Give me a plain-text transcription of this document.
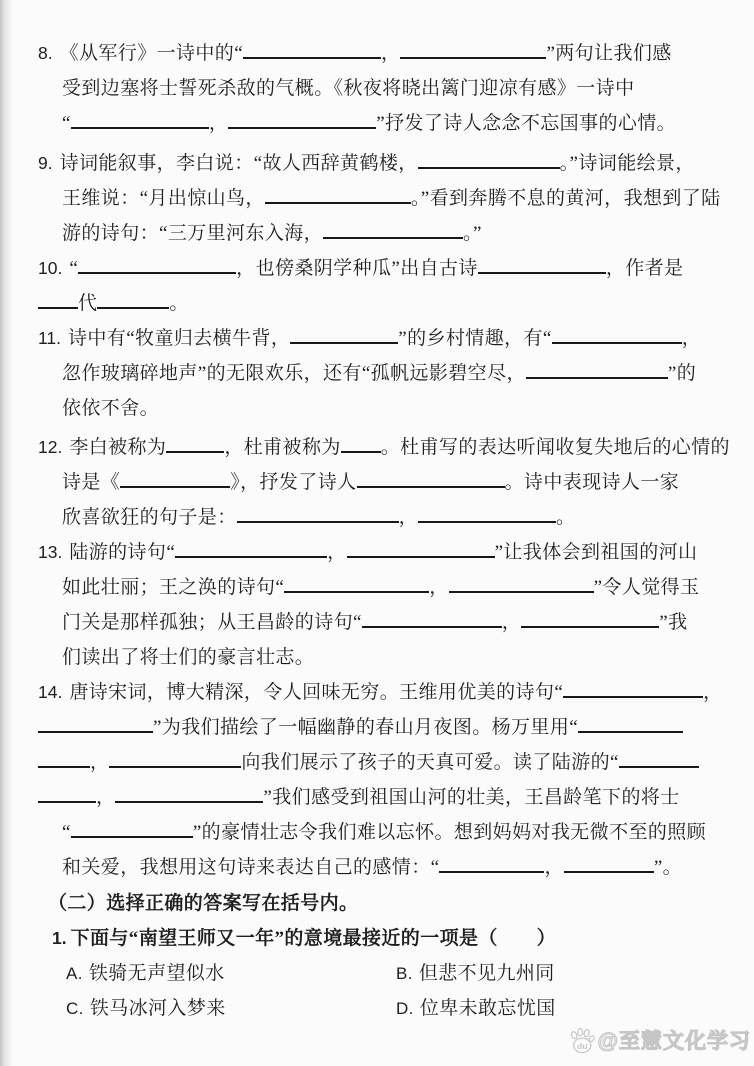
8. 《从军行》一诗中的“	，	”两句让我们感
受到边塞将士誓死杀敌的气概。《秋夜将晓出篱门迎凉有感》一诗中
“	，	”抒发了诗人念念不忘国事的心情。
9. 诗词能叙事，李白说：“故人西辞黄鹤楼，	。”诗词能绘景，
王维说：“月出惊山鸟，	。”看到奔腾不息的黄河，我想到了陆
游的诗句：“三万里河东入海，	。”
10. “	，也傍桑阴学种瓜”出自古诗	，作者是
代	。
11. 诗中有“牧童归去横牛背，	”的乡村情趣，有“	，
忽作玻璃碎地声”的无限欢乐，还有“孤帆远影碧空尽，	”的
依依不舍。
12. 李白被称为	，杜甫被称为 。杜甫写的表达听闻收复失地后的心情的
诗是《	》，抒发了诗人	。诗中表现诗人一家
欣喜欲狂的句子是：	，	。
13. 陆游的诗句“	，	”让我体会到祖国的河山
如此壮丽；王之涣的诗句“	，	”令人觉得玉
门关是那样孤独；从王昌龄的诗句“	，	”我
们读出了将士们的豪言壮志。
14. 唐诗宋词，博大精深，令人回味无穷。王维用优美的诗句“	，
”为我们描绘了一幅幽静的春山月夜图。杨万里用“
，	向我们展示了孩子的天真可爱。读了陆游的“
，	”我们感受到祖国山河的壮美，王昌龄笔下的将士
“	”的豪情壮志令我们难以忘怀。想到妈妈对我无微不至的照顾
和关爱，我想用这句诗来表达自己的感情：“	，	”。
（二）选择正确的答案写在括号内。
1. 下面与“南望王师又一年”的意境最接近的一项是（　　）
A. 铁骑无声望似水	B. 但悲不见九州同
C. 铁马冰河入梦来	D. 位卑未敢忘忧国
du @至慧文化学习
